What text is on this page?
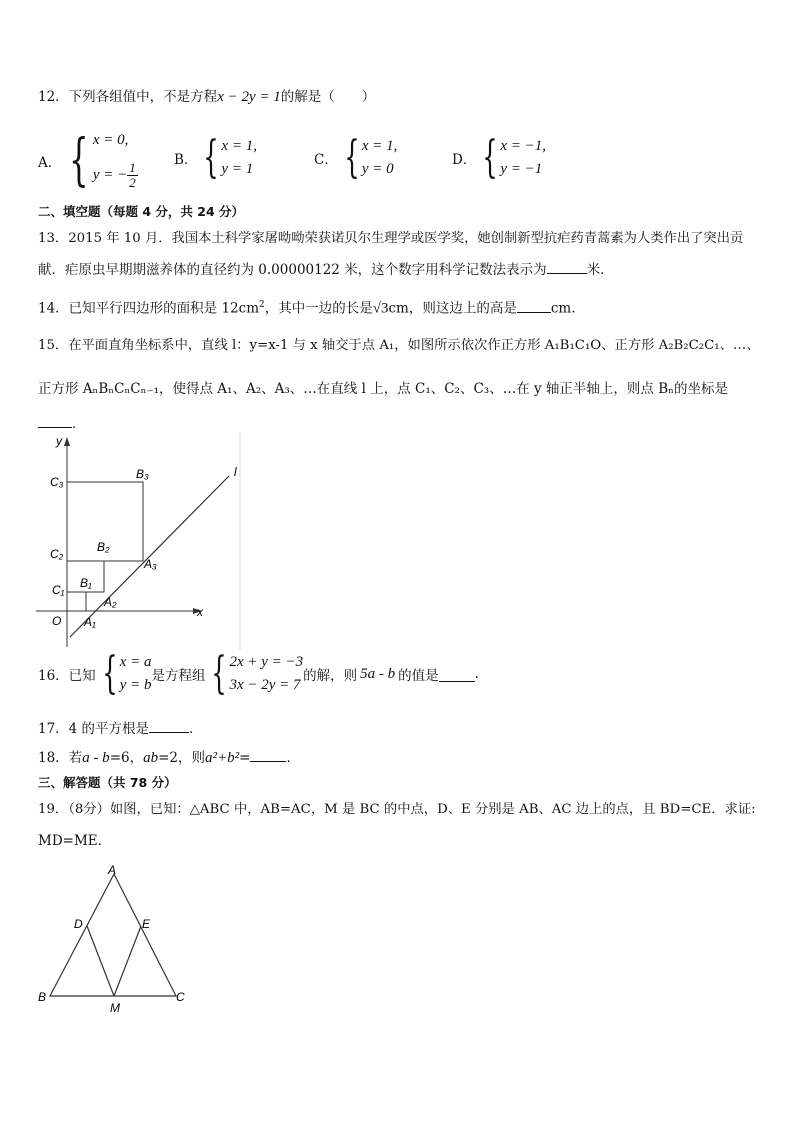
12．下列各组值中，不是方程x − 2y = 1的解是（　　）
A． { x = 0,
y = − $\frac{1}{2}$
B． { x = 1,
y = 1
C． { x = 1,
y = 0
D． { x = −1,
y = −1
二、填空题（每题 4 分，共 24 分）
13．2015 年 10 月．我国本土科学家屠呦呦荣获诺贝尔生理学或医学奖，她创制新型抗疟药青蒿素为人类作出了突出贡
献．疟原虫早期期滋养体的直径约为 0.00000122 米，这个数字用科学记数法表示为	米．
14．已知平行四边形的面积是 $12cm^2$，其中一边的长是√3cm，则这边上的高是	cm.
15．在平面直角坐标系中，直线 l：y=x-1 与 x 轴交于点 A₁，如图所示依次作正方形 A₁B₁C₁O、正方形 A₂B₂C₂C₁、…、
正方形 AₙBₙCₙCₙ₋₁，使得点 A₁、A₂、A₃、…在直线 l 上，点 C₁、C₂、C₃、…在 y 轴正半轴上，则点 Bₙ的坐标是
．
y
x
l
O
C₃
C₂
C₁
B₃
B₂
B₁
A₃
A₂
A₁
16．已知 { x = a
y = b
是方程组 { 2x + y = −3
3x − 2y = 7
的解，则 5a - b 的值是	.
17．4 的平方根是	．
18．若a - b=6，ab=2，则a²+b²=	．
三、解答题（共 78 分）
19．（8分）如图，已知：△ABC 中，AB=AC，M 是 BC 的中点，D、E 分别是 AB、AC 边上的点，且 BD=CE．求证:
MD=ME．
A
B	C
D	E
M
